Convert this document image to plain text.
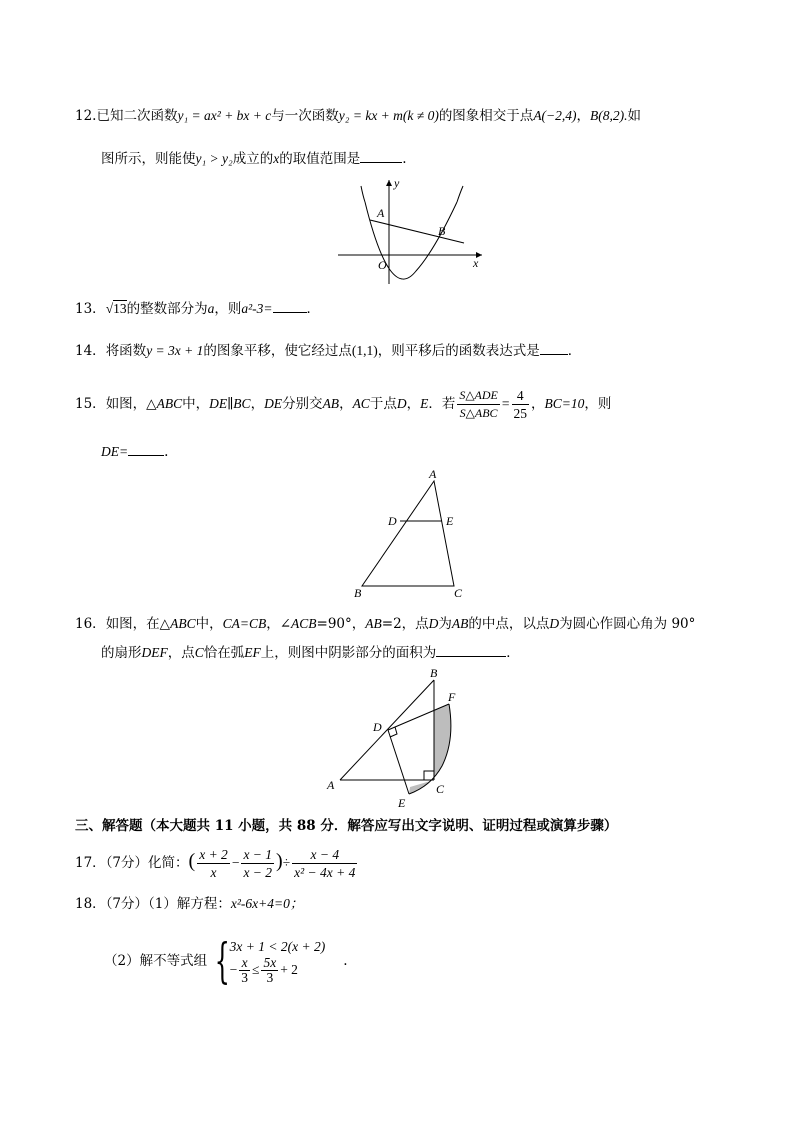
12.已知二次函数y₁ = ax² + bx + c与一次函数y₂ = kx + m(k ≠ 0)的图象相交于点A(−2,4)，B(8,2).如
图所示，则能使y₁ > y₂成立的x的取值范围是	.
y
x
O
A
B
13．√13的整数部分为a，则a²-3=	．
14．将函数y = 3x + 1的图象平移，使它经过点(1,1)，则平移后的函数表达式是 ．
15．如图，△ABC中，DE∥BC，DE分别交AB，AC于点D，E．若 $\frac{\text{S△ADE}}{\text{S△ABC}} = \frac{4}{25}$ ，BC=10，则
DE=	.
A
D	E
B	C
16．如图，在△ABC中，CA=CB，∠ACB=90°，AB=2，点D为AB的中点，以点D为圆心作圆心角为 90°
的扇形DEF，点C恰在弧EF上，则图中阴影部分的面积为	．
B
F
D
A	C
E
三、解答题（本大题共 11 小题，共 88 分．解答应写出文字说明、证明过程或演算步骤）
17．（7分）化简：( $\frac{x + 2}{x} - \frac{x - 1}{x - 2}$ )÷ $\frac{x - 4}{\text{x² − 4x + 4}}$
18．（7分）（1）解方程：x²-6x+4=0；
（2）解不等式组 { 3x + 1 < 2(x + 2)
− $\frac{x}{3} \le \frac{5x}{3} + 2$	.
